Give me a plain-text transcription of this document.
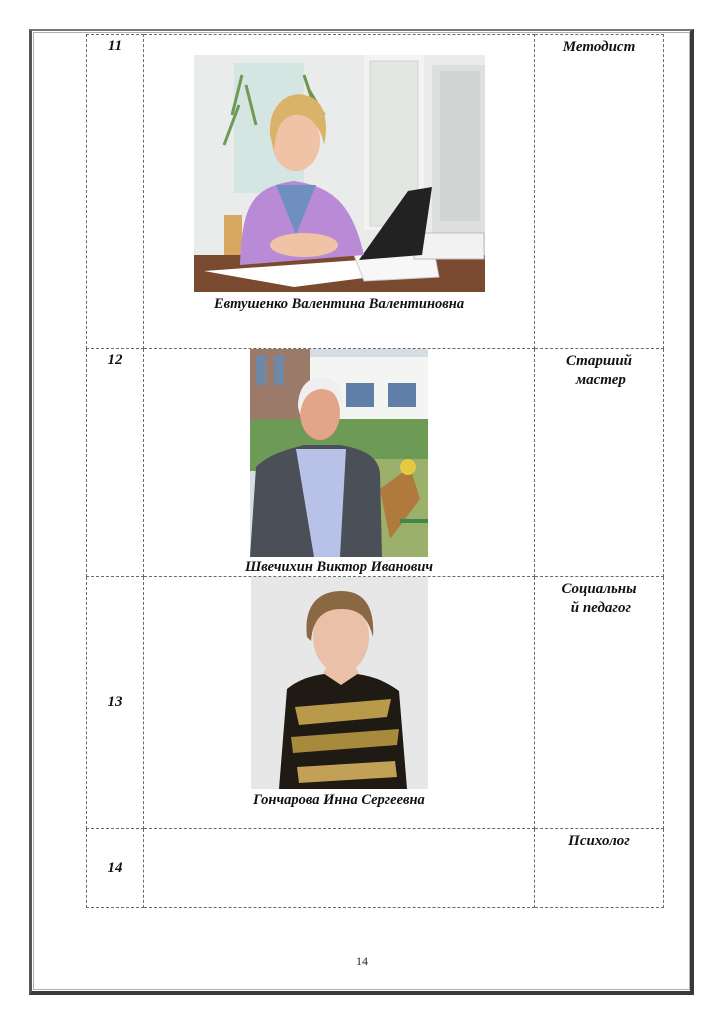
11	Евтушенко Валентина Валентиновна	Методист

12	Швечихин Виктор Иванович	Старший
мастер

13	Гончарова Инна Сергеевна	Социальны
й педагог

14		Психолог
14
